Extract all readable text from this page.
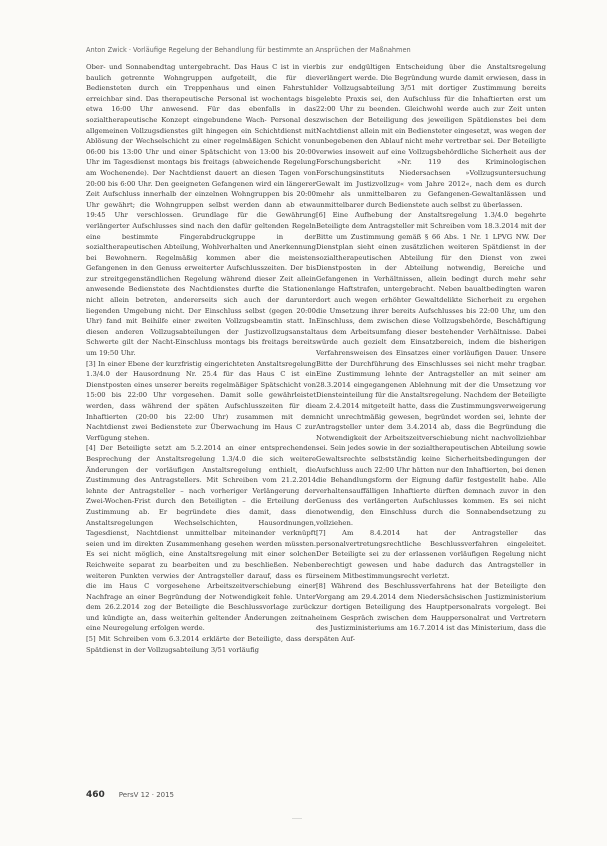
Anton Zwick · Vorläufige Regelung der Behandlung für bestimmte an Ansprüchen der Maßnahmen

Ober- und Sonnabendtag untergebracht. Das Haus C ist in vier baulich getrennte Wohngruppen aufgeteilt, die für die Bediensteten durch ein Treppenhaus und einen Fahrstuhl erreichbar sind. Das therapeutische Personal ist wochentags bis etwa 16:00 Uhr anwesend. Für das ebenfalls in das sozialtherapeutische Konzept eingebundene Wach- Personal des allgemeinen Vollzugsdienstes gilt hingegen ein Schichtdienst mit Ablösung der Wechselschicht zu einer regelmäßigen Schicht von 06:00 bis 13:00 Uhr und einer Spätschicht von 13:00 bis 20:00 Uhr im Tagesdienst montags bis freitags (abweichende Regelung am Wochenende). Der Nachtdienst dauert an diesen Tagen von 20:00 bis 6:00 Uhr. Den geeigneten Gefangenen wird ein längerer Zeit Aufschluss innerhalb der einzelnen Wohngruppen bis 20:00 Uhr gewährt; die Wohngruppen selbst werden dann ab etwa 19:45 Uhr verschlossen. Grundlage für die Gewährung verlängerter Aufschlusses sind nach den dafür geltenden Regeln eine bestimmte Fingerabdruckgruppe in der sozialtherapeutischen Abteilung, Wohlverhalten und Anerkennung bei Bewohnern. Regelmäßig kommen aber die meisten Gefangenen in den Genuss erweiterter Aufschlusszeiten. Der bis zur streitgegenständlichen Regelung während dieser Zeit allein anwesende Bedienstete des Nachtdienstes durfte die Stationen nicht allein betreten, andererseits sich auch der darunter liegenden Umgebung nicht. Der Einschluss selbst (gegen 20:00 Uhr) fand mit Beihilfe einer zweiten Vollzugsbeamtin statt. In diesen anderen Vollzugsabteilungen der Justizvollzugsanstalt Schwerte gilt der Nacht-Einschluss montags bis freitags bereits um 19:50 Uhr.

[3] In einer Ebene der kurzfristig eingerichteten Anstaltsregelung 1.3/4.0 der Hausordnung Nr. 25.4 für das Haus C ist ein Dienstposten eines unserer bereits regelmäßiger Spätschicht von 15:00 bis 22:00 Uhr vorgesehen. Damit solle gewährleistet werden, dass während der späten Aufschlusszeiten für die Inhaftierten (20:00 bis 22:00 Uhr) zusammen mit dem Nachtdienst zwei Bedienstete zur Überwachung im Haus C zur Verfügung stehen.

[4] Der Beteiligte setzt am 5.2.2014 an einer entsprechenden Besprechung der Anstaltsregelung 1.3/4.0 die sich weitere Änderungen der vorläufigen Anstaltsregelung enthielt, die Zustimmung des Antragstellers. Mit Schreiben vom 21.2.2014 lehnte der Antragsteller – nach vorheriger Verlängerung der Zwei-Wochen-Frist durch den Beteiligten – die Erteilung der Zustimmung ab. Er begründete dies damit, dass die Anstaltsregelungen Wechselschichten, Hausordnungen, Tagesdienst, Nachtdienst unmittelbar miteinander verknüpft seien und im direkten Zusammenhang gesehen werden müssten. Es sei nicht möglich, eine Anstaltsregelung mit einer solchen Reichweite separat zu bearbeiten und zu beschließen. Neben weiteren Punkten verwies der Antragsteller darauf, dass es für die im Haus C vorgesehene Arbeitszeitverschiebung einer Nachfrage an einer Begründung der Notwendigkeit fehle. Unter dem 26.2.2014 zog der Beteiligte die Beschlussvorlage zurück und kündigte an, dass weiterhin geltender Änderungen zeitnah eine Neuregelung erfolgen werde.

[5] Mit Schreiben vom 6.3.2014 erklärte der Beteiligte, dass der Spätdienst in der Vollzugsabteilung 3/51 vorläufig

bis zur endgültigen Entscheidung über die Anstaltsregelung verlängert werde. Die Begründung wurde damit erwiesen, dass in der Vollzugsabteilung 3/51 mit dortiger Zustimmung bereits gelebte Praxis sei, den Aufschluss für die Inhaftierten erst um 22:00 Uhr zu beenden. Gleichwohl werde auch zur Zeit unten zwischen der Beteiligung des jeweiligen Spätdienstes bei dem Nachtdienst allein mit ein Bediensteter eingesetzt, was wegen der unbegebenen den Ablauf nicht mehr vertretbar sei. Der Beteiligte verwies insoweit auf eine Vollzugsbehördliche Sicherheit aus der Forschungsbericht »Nr. 119 des Kriminologischen Forschungsinstituts Niedersachsen »Vollzugsuntersuchung Gewalt im Justizvollzug« vom Jahre 2012«, nach dem es durch mehr als unmittelbaren zu Gefangenen-Gewaltanlässen und unmittelbarer durch Bedienstete auch selbst zu überlassen.

[6] Eine Aufhebung der Anstaltsregelung 1.3/4.0 begehrte Beteiligte dem Antragsteller mit Schreiben vom 18.3.2014 mit der Bitte um Zustimmung gemäß § 66 Abs. 1 Nr. 1 LPVG NW. Der Dienstplan sieht einen zusätzlichen weiteren Spätdienst in der sozialtherapeutischen Abteilung für den Dienst von zwei Dienstposten in der Abteilung notwendig, Bereiche und Gefangenen in Verhältnissen, allein bedingt durch mehr sehr lange Haftstrafen, untergebracht. Neben baualtbedingten waren dort auch wegen erhöhter Gewaltdelikte Sicherheit zu ergehen die Umsetzung ihrer bereits Aufschlusses bis 22:00 Uhr, um den Einschluss, dem zwischen diese Vollzugsbehörde, Beschäftigung aus dem Arbeitsumfang dieser bestehender Verhältnisse. Dabei würde auch gezielt dem Einsatzbereich, indem die bisherigen Verfahrensweisen des Einsatzes einer vorläufigen Dauer. Unsere Bitte der Durchführung des Einschlusses sei nicht mehr tragbar. Eine Zustimmung lehnte der Antragsteller an mit seiner am 28.3.2014 eingegangenen Ablehnung mit der die Umsetzung vor Diensteinteilung für die Anstaltsregelung. Nachdem der Beteiligte am 2.4.2014 mitgeteilt hatte, dass die Zustimmungsverweigerung nicht unrechtmäßig gewesen, begründet worden sei, lehnte der Antragsteller unter dem 3.4.2014 ab, dass die Begründung die Notwendigkeit der Arbeitszeitverschiebung nicht nachvollziehbar sei. Sein jedes sowie in der sozialtherapeutischen Abteilung sowie Gewaltsrechte selbstständig keine Sicherheitsbedingungen der Aufschluss auch 22:00 Uhr hätten nur den Inhaftierten, bei denen die Behandlungsform der Eignung dafür festgestellt habe. Alle verhaltensauffälligen Inhaftierte dürften demnach zuvor in den Genuss des verlängerten Aufschlusses kommen. Es sei nicht notwendig, den Einschluss durch die Sonnabendsetzung zu vollziehen.

[7] Am 8.4.2014 hat der Antragsteller das personalvertretungsrechtliche Beschlussverfahren eingeleitet. Der Beteiligte sei zu der erlassenen vorläufigen Regelung nicht berechtigt gewesen und habe dadurch das Antragsteller in seinem Mitbestimmungsrecht verletzt.

[8] Während des Beschlussverfahrens hat der Beteiligte den Vorgang am 29.4.2014 dem Niedersächsischen Justizministerium zur dortigen Beteiligung des Hauptpersonalrats vorgelegt. Bei einem Gespräch zwischen dem Hauppersonalrat und Vertretern des Justizministeriums am 16.7.2014 ist das Ministerium, dass die späten Auf-

460 PersV 12 · 2015
